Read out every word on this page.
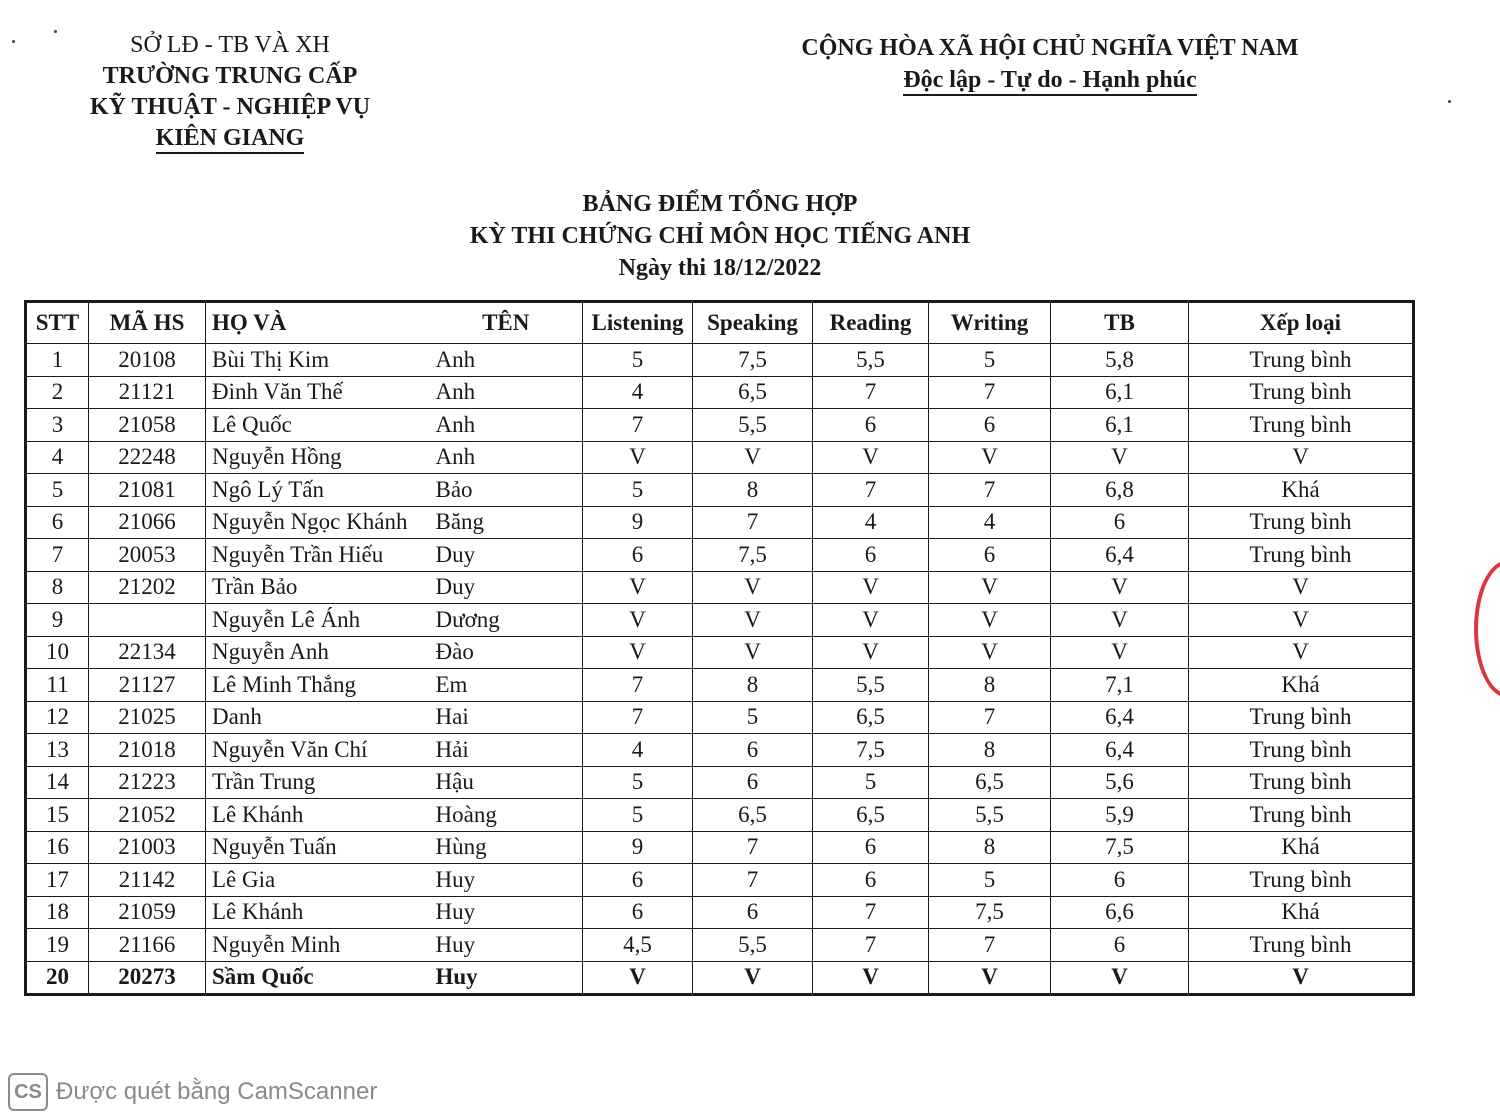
SỞ LĐ - TB VÀ XH
TRƯỜNG TRUNG CẤP
KỸ THUẬT - NGHIỆP VỤ
KIÊN GIANG
CỘNG HÒA XÃ HỘI CHỦ NGHĨA VIỆT NAM
Độc lập - Tự do - Hạnh phúc
BẢNG ĐIỂM TỔNG HỢP
KỲ THI CHỨNG CHỈ MÔN HỌC TIẾNG ANH
Ngày thi 18/12/2022
STT	MÃ HS	HỌ VÀ	TÊN	Listening	Speaking	Reading	Writing	TB	Xếp loại
1	20108	Bùi Thị Kim	Anh	5	7,5	5,5	5	5,8	Trung bình
2	21121	Đinh Văn Thế	Anh	4	6,5	7	7	6,1	Trung bình
3	21058	Lê Quốc	Anh	7	5,5	6	6	6,1	Trung bình
4	22248	Nguyễn Hồng	Anh	V	V	V	V	V	V
5	21081	Ngô Lý Tấn	Bảo	5	8	7	7	6,8	Khá
6	21066	Nguyễn Ngọc Khánh	Băng	9	7	4	4	6	Trung bình
7	20053	Nguyễn Trần Hiếu	Duy	6	7,5	6	6	6,4	Trung bình
8	21202	Trần Bảo	Duy	V	V	V	V	V	V
9		Nguyễn Lê Ánh	Dương	V	V	V	V	V	V
10	22134	Nguyễn Anh	Đào	V	V	V	V	V	V
11	21127	Lê Minh Thắng	Em	7	8	5,5	8	7,1	Khá
12	21025	Danh	Hai	7	5	6,5	7	6,4	Trung bình
13	21018	Nguyễn Văn Chí	Hải	4	6	7,5	8	6,4	Trung bình
14	21223	Trần Trung	Hậu	5	6	5	6,5	5,6	Trung bình
15	21052	Lê Khánh	Hoàng	5	6,5	6,5	5,5	5,9	Trung bình
16	21003	Nguyễn Tuấn	Hùng	9	7	6	8	7,5	Khá
17	21142	Lê Gia	Huy	6	7	6	5	6	Trung bình
18	21059	Lê Khánh	Huy	6	6	7	7,5	6,6	Khá
19	21166	Nguyễn Minh	Huy	4,5	5,5	7	7	6	Trung bình
20	20273	Sầm Quốc	Huy	V	V	V	V	V	V
CS Được quét bằng CamScanner
